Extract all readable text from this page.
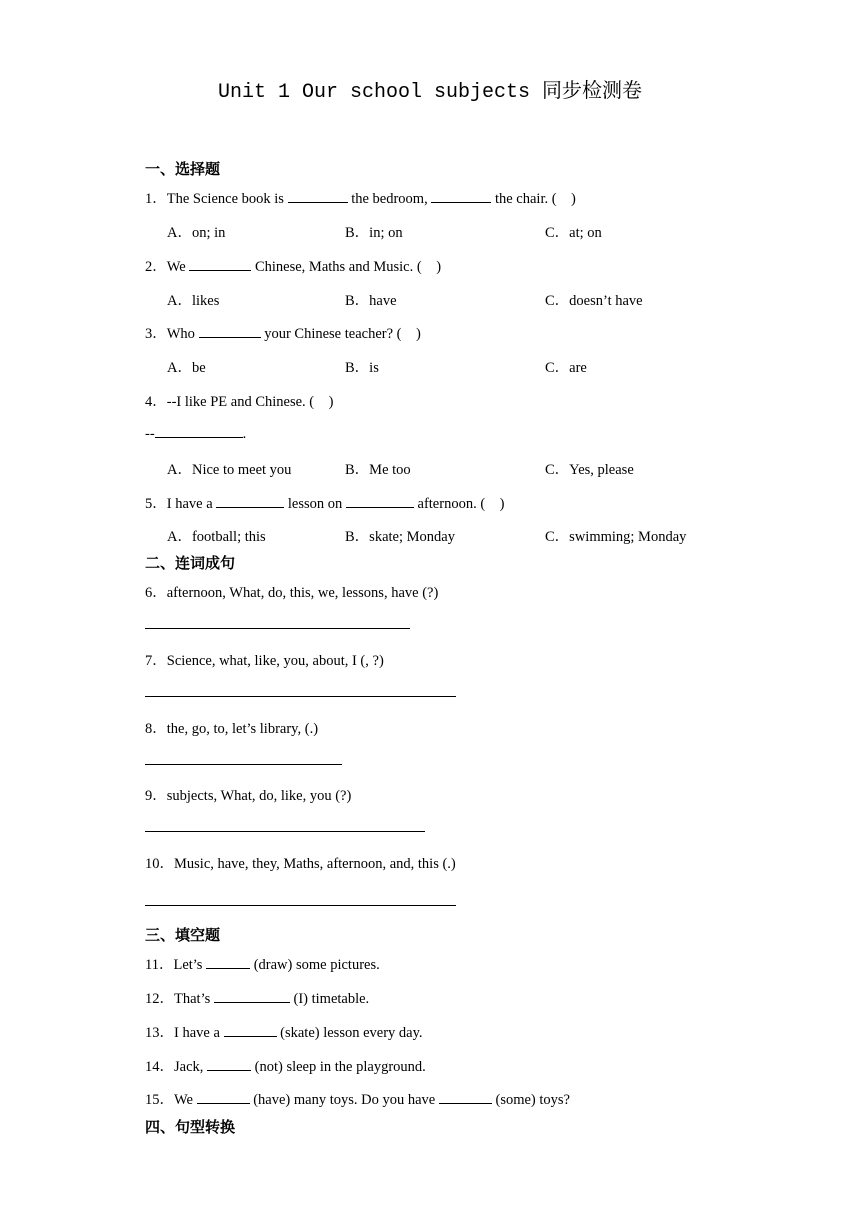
Unit 1 Our school subjects 同步检测卷
一、选择题
1．The Science book is	the bedroom,	the chair. (　)
A．on; in	B．in; on	C．at; on
2．We	Chinese, Maths and Music. (　)
A．likes	B．have	C．doesn’t have
3．Who	your Chinese teacher? (　)
A．be	B．is	C．are
4．--I like PE and Chinese. (　)
--	.
A．Nice to meet you	B．Me too	C．Yes, please
5．I have a	lesson on	afternoon. (　)
A．football; this	B．skate; Monday	C．swimming; Monday
二、连词成句
6．afternoon, What, do, this, we, lessons, have (?)
7．Science, what, like, you, about, I (, ?)
8．the, go, to, let’s library, (.)
9．subjects, What, do, like, you (?)
10．Music, have, they, Maths, afternoon, and, this (.)
三、填空题
11．Let’s	(draw) some pictures.
12．That’s	(I) timetable.
13．I have a	(skate) lesson every day.
14．Jack,	(not) sleep in the playground.
15．We	(have) many toys. Do you have	(some) toys?
四、句型转换
